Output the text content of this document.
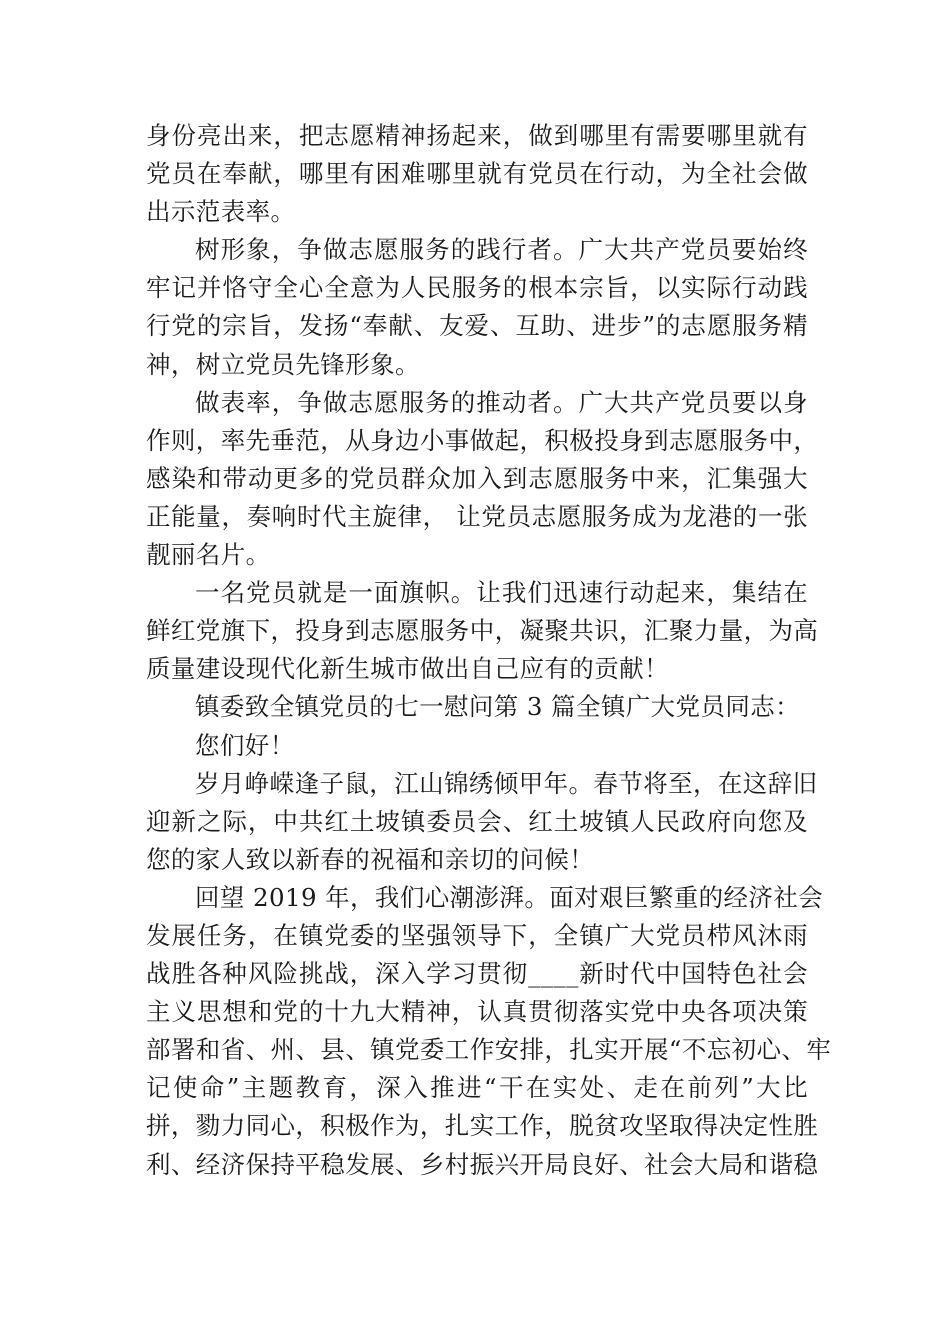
身份亮出来，把志愿精神扬起来，做到哪里有需要哪里就有
党员在奉献，哪里有困难哪里就有党员在行动，为全社会做
出示范表率。
树形象，争做志愿服务的践行者。广大共产党员要始终
牢记并恪守全心全意为人民服务的根本宗旨，以实际行动践
行党的宗旨，发扬“奉献、友爱、互助、进步”的志愿服务精
神，树立党员先锋形象。
做表率，争做志愿服务的推动者。广大共产党员要以身
作则，率先垂范，从身边小事做起，积极投身到志愿服务中，
感染和带动更多的党员群众加入到志愿服务中来，汇集强大
正能量，奏响时代主旋律， 让党员志愿服务成为龙港的一张
靓丽名片。
一名党员就是一面旗帜。让我们迅速行动起来，集结在
鲜红党旗下，投身到志愿服务中，凝聚共识，汇聚力量，为高
质量建设现代化新生城市做出自己应有的贡献！
镇委致全镇党员的七一慰问第 3 篇全镇广大党员同志：
您们好！
岁月峥嵘逢子鼠，江山锦绣倾甲年。春节将至，在这辞旧
迎新之际，中共红土坡镇委员会、红土坡镇人民政府向您及
您的家人致以新春的祝福和亲切的问候！
回望 2019 年，我们心潮澎湃。面对艰巨繁重的经济社会
发展任务，在镇党委的坚强领导下，全镇广大党员栉风沐雨
战胜各种风险挑战，深入学习贯彻____新时代中国特色社会
主义思想和党的十九大精神，认真贯彻落实党中央各项决策
部署和省、州、县、镇党委工作安排，扎实开展“不忘初心、牢
记使命”主题教育，深入推进“干在实处、走在前列”大比
拼，勠力同心，积极作为，扎实工作，脱贫攻坚取得决定性胜
利、经济保持平稳发展、乡村振兴开局良好、社会大局和谐稳
